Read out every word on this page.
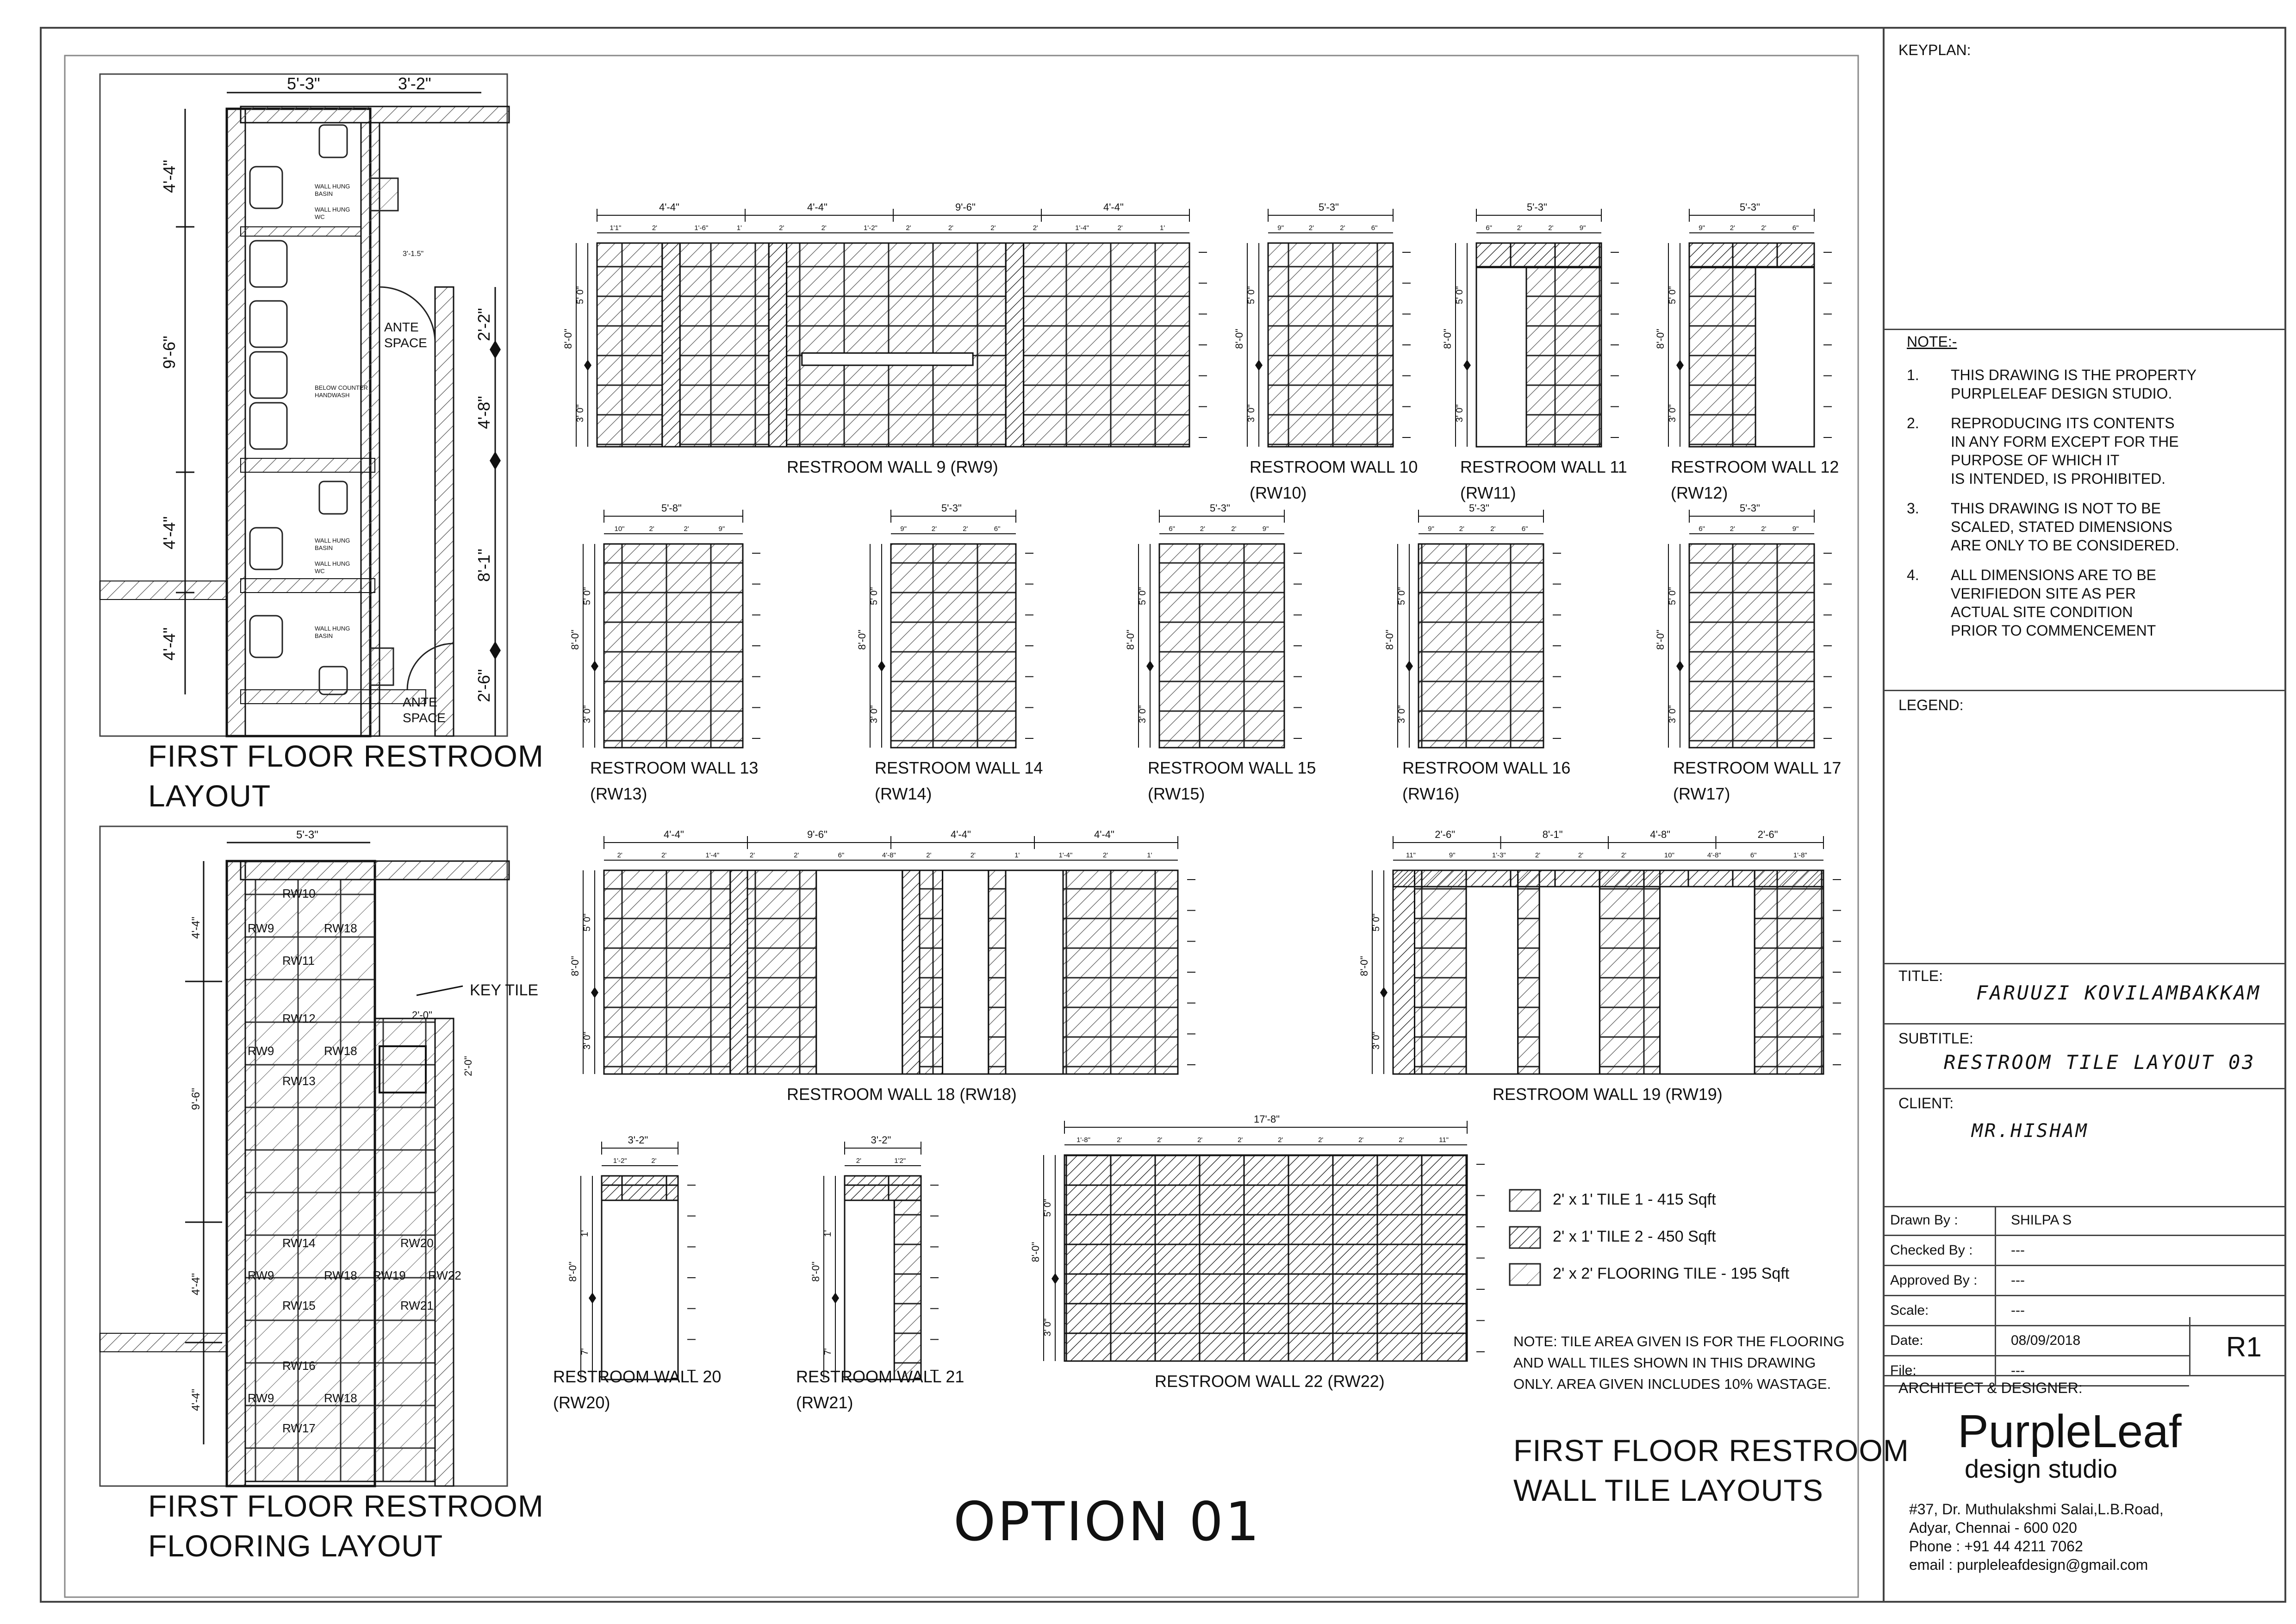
5'-3"	3'-2"
4'-4"
9'-6"
4'-4"
4'-4"
2'-2"
4'-8"
8'-1"
2'-6"
3'-1.5"
ANTE SPACE
ANTE SPACE
WALL HUNG BASIN
WALL HUNG WC
BELOW COUNTER HANDWASH
WALL HUNG BASIN
WALL HUNG WC
WALL HUNG BASIN
FIRST FLOOR RESTROOM
LAYOUT
5'-3"
4'-4"
9'-6"
4'-4"
4'-4"
2'-0"
2'-0"
KEY TILE
RW10
RW9	RW18
RW11
RW12
RW9	RW18
RW13
RW14	RW20
RW9	RW18 RW19 RW22
RW15	RW21
RW16
RW9	RW18
RW17
FIRST FLOOR RESTROOM
FLOORING LAYOUT
4'-4"	4'-4"	9'-6"	4'-4"
1'1"	2'	1'-6"	1'	2'	2'	1'-2"	2'	2'	2'	2'	1'-4"	2'	1'
8'-0"
5' 0"
3' 0"
RESTROOM WALL 9 (RW9)
5'-3"
9"	2'	2'	6"
8'-0"
5' 0"
3' 0"
RESTROOM WALL 10
(RW10)
5'-3"
6"	2'	2'	9"
8'-0"
5' 0"
3' 0"
RESTROOM WALL 11
(RW11)
5'-3"
9"	2'	2'	6"
8'-0"
5' 0"
3' 0"
RESTROOM WALL 12
(RW12)
5'-8"
10"	2'	2'	9"
8'-0"
5' 0"
3' 0"
RESTROOM WALL 13
(RW13)
5'-3"
9"	2'	2'	6"
8'-0"
5' 0"
3' 0"
RESTROOM WALL 14
(RW14)
5'-3"
6"	2'	2'	9"
8'-0"
5' 0"
3' 0"
RESTROOM WALL 15
(RW15)
5'-3"
9"	2'	2'	6"
8'-0"
5' 0"
3' 0"
RESTROOM WALL 16
(RW16)
5'-3"
6"	2'	2'	9"
8'-0"
5' 0"
3' 0"
RESTROOM WALL 17
(RW17)
4'-4"	9'-6"	4'-4"	4'-4"
2'	2'	1'-4"	2'	2'	6"	4'-8"	2'	2'	1'	1'-4"	2'	1'
8'-0"
5' 0"
3' 0"
RESTROOM WALL 18 (RW18)
2'-6"	8'-1"	4'-8"	2'-6"
11"	9"	1'-3"	2'	2'	2'	10"	4'-8"	6"	1'-8"
8'-0"
5' 0"
3' 0"
RESTROOM WALL 19 (RW19)
3'-2"
1'-2"	2'
8'-0"
1'
7'
RESTROOM WALL 20
(RW20)
3'-2"
2'	1'2"
8'-0"
1'
7'
RESTROOM WALL 21
(RW21)
17'-8"
1'-8"	2'	2'	2'	2'	2'	2'	2'	2'	11"
8'-0"
5' 0"
3' 0"
RESTROOM WALL 22 (RW22)
2' x 1' TILE 1 - 415 Sqft
2' x 1' TILE 2 - 450 Sqft
2' x 2' FLOORING TILE - 195 Sqft
NOTE: TILE AREA GIVEN IS FOR THE FLOORING
AND WALL TILES SHOWN IN THIS DRAWING
ONLY. AREA GIVEN INCLUDES 10% WASTAGE.
FIRST FLOOR RESTROOM
WALL TILE LAYOUTS
OPTION 01
KEYPLAN:
NOTE:-
1. THIS DRAWING IS THE PROPERTY
PURPLELEAF DESIGN STUDIO.
2. REPRODUCING ITS CONTENTS
IN ANY FORM EXCEPT FOR THE
PURPOSE OF WHICH IT
IS INTENDED, IS PROHIBITED.
3. THIS DRAWING IS NOT TO BE
SCALED, STATED DIMENSIONS
ARE ONLY TO BE CONSIDERED.
4. ALL DIMENSIONS ARE TO BE
VERIFIEDON SITE AS PER
ACTUAL SITE CONDITION
PRIOR TO COMMENCEMENT
LEGEND:
TITLE:
FARUUZI KOVILAMBAKKAM
SUBTITLE:
RESTROOM TILE LAYOUT 03
CLIENT:
MR.HISHAM
Drawn By :	SHILPA S
Checked By :	---
Approved By : ---
Scale:	---
Date:	08/09/2018
File:	---
R1
ARCHITECT & DESIGNER:
PurpleLeaf
design studio
#37, Dr. Muthulakshmi Salai,L.B.Road,
Adyar, Chennai - 600 020
Phone : +91 44 4211 7062
email : purpleleafdesign@gmail.com
